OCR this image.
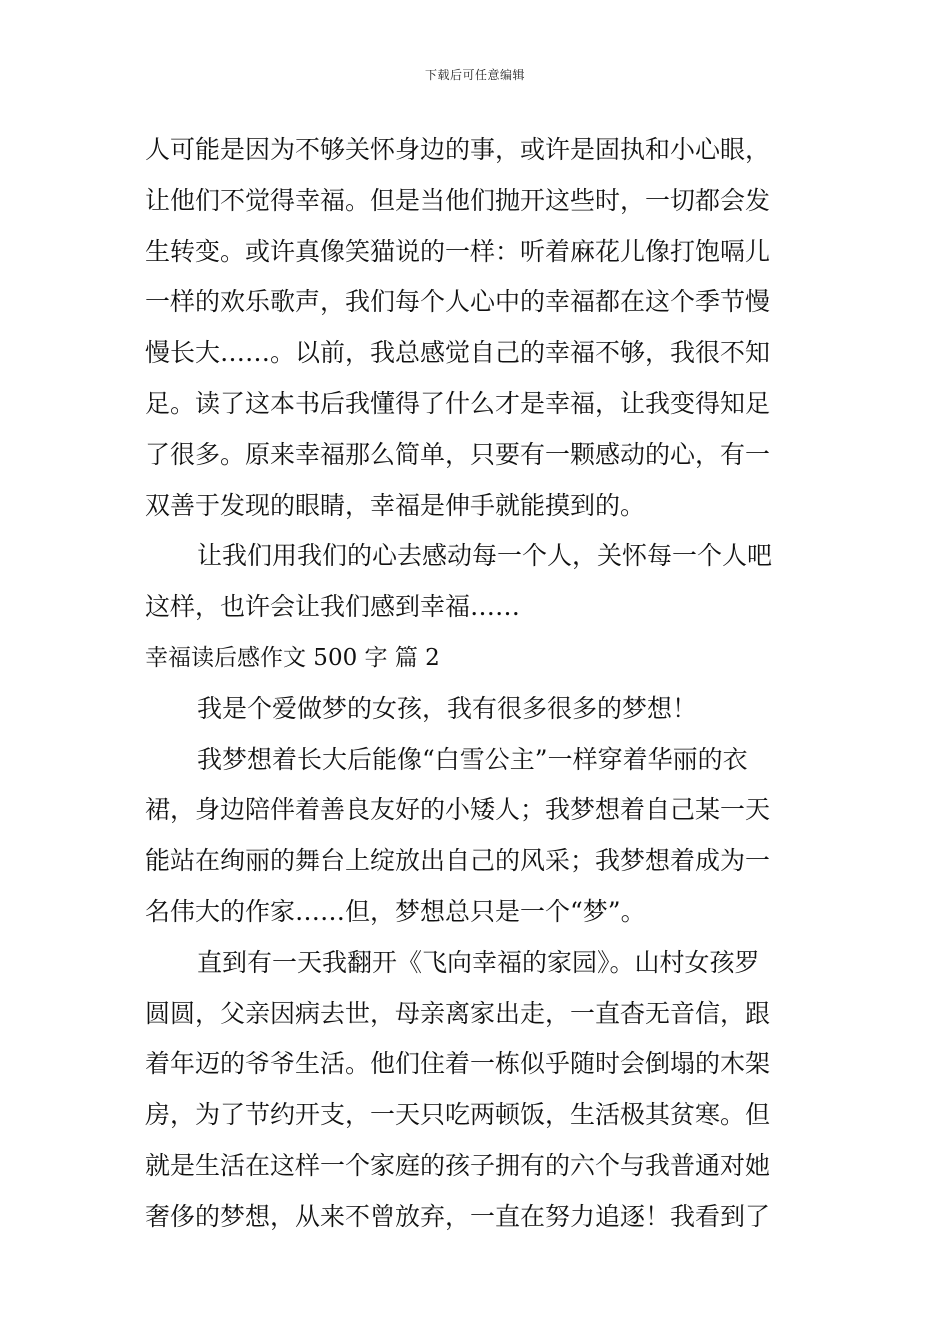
下载后可任意编辑
人可能是因为不够关怀身边的事，或许是固执和小心眼，
让他们不觉得幸福。但是当他们抛开这些时，一切都会发
生转变。或许真像笑猫说的一样：听着麻花儿像打饱嗝儿
一样的欢乐歌声，我们每个人心中的幸福都在这个季节慢
慢长大……。以前，我总感觉自己的幸福不够，我很不知
足。读了这本书后我懂得了什么才是幸福，让我变得知足
了很多。原来幸福那么简单，只要有一颗感动的心，有一
双善于发现的眼睛，幸福是伸手就能摸到的。
让我们用我们的心去感动每一个人，关怀每一个人吧
这样，也许会让我们感到幸福……
幸福读后感作文 500 字 篇 2
我是个爱做梦的女孩，我有很多很多的梦想！
我梦想着长大后能像“白雪公主”一样穿着华丽的衣
裙，身边陪伴着善良友好的小矮人；我梦想着自己某一天
能站在绚丽的舞台上绽放出自己的风采；我梦想着成为一
名伟大的作家……但，梦想总只是一个“梦”。
直到有一天我翻开《飞向幸福的家园》。山村女孩罗
圆圆，父亲因病去世，母亲离家出走，一直杳无音信，跟
着年迈的爷爷生活。他们住着一栋似乎随时会倒塌的木架
房，为了节约开支，一天只吃两顿饭，生活极其贫寒。但
就是生活在这样一个家庭的孩子拥有的六个与我普通对她
奢侈的梦想，从来不曾放弃，一直在努力追逐！我看到了
